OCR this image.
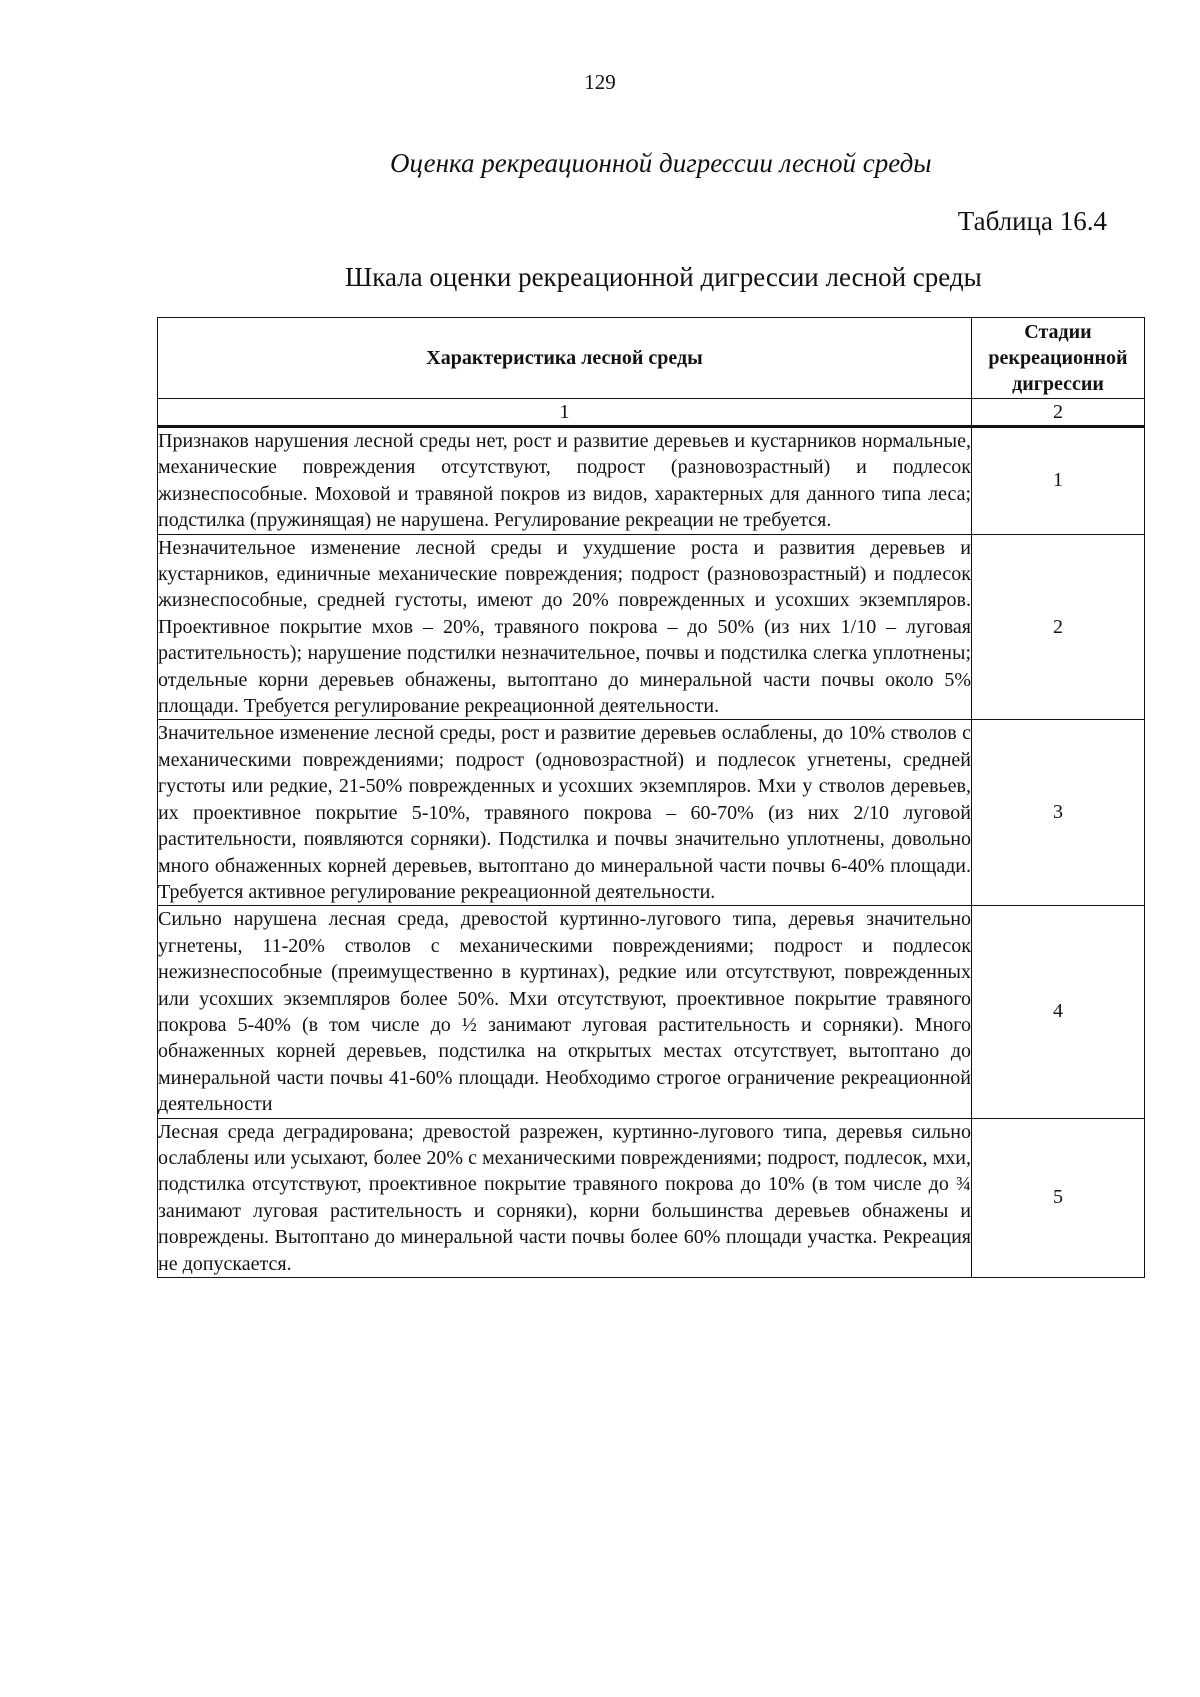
129
Оценка рекреационной дигрессии лесной среды
Таблица 16.4
Шкала оценки рекреационной дигрессии лесной среды
Характеристика лесной среды	Стадии рекреационной дигрессии
1	2
Признаков нарушения лесной среды нет, рост и развитие деревьев и кустарников нормальные, механические повреждения отсутствуют, подрост (разновозрастный) и подлесок жизнеспособные. Моховой и травяной покров из видов, характерных для данного типа леса; подстилка (пружинящая) не нарушена. Регулирование рекреации не требуется.	1
Незначительное изменение лесной среды и ухудшение роста и развития деревьев и кустарников, единичные механические повреждения; подрост (разновозрастный) и подлесок жизнеспособные, средней густоты, имеют до 20% поврежденных и усохших экземпляров. Проективное покрытие мхов – 20%, травяного покрова – до 50% (из них 1/10 – луговая растительность); нарушение подстилки незначительное, почвы и подстилка слегка уплотнены; отдельные корни деревьев обнажены, вытоптано до минеральной части почвы около 5% площади. Требуется регулирование рекреационной деятельности.	2
Значительное изменение лесной среды, рост и развитие деревьев ослаблены, до 10% стволов с механическими повреждениями; подрост (одновозрастной) и подлесок угнетены, средней густоты или редкие, 21-50% поврежденных и усохших экземпляров. Мхи у стволов деревьев, их проективное покрытие 5-10%, травяного покрова – 60-70% (из них 2/10 луговой растительности, появляются сорняки). Подстилка и почвы значительно уплотнены, довольно много обнаженных корней деревьев, вытоптано до минеральной части почвы 6-40% площади. Требуется активное регулирование рекреационной деятельности.	3
Сильно нарушена лесная среда, древостой куртинно-лугового типа, деревья значительно угнетены, 11-20% стволов с механическими повреждениями; подрост и подлесок нежизнеспособные (преимущественно в куртинах), редкие или отсутствуют, поврежденных или усохших экземпляров более 50%. Мхи отсутствуют, проективное покрытие травяного покрова 5-40% (в том числе до ½ занимают луговая растительность и сорняки). Много обнаженных корней деревьев, подстилка на открытых местах отсутствует, вытоптано до минеральной части почвы 41-60% площади. Необходимо строгое ограничение рекреационной деятельности	4
Лесная среда деградирована; древостой разрежен, куртинно-лугового типа, деревья сильно ослаблены или усыхают, более 20% с механическими повреждениями; подрост, подлесок, мхи, подстилка отсутствуют, проективное покрытие травяного покрова до 10% (в том числе до ¾ занимают луговая растительность и сорняки), корни большинства деревьев обнажены и повреждены. Вытоптано до минеральной части почвы более 60% площади участка. Рекреация не допускается.	5
